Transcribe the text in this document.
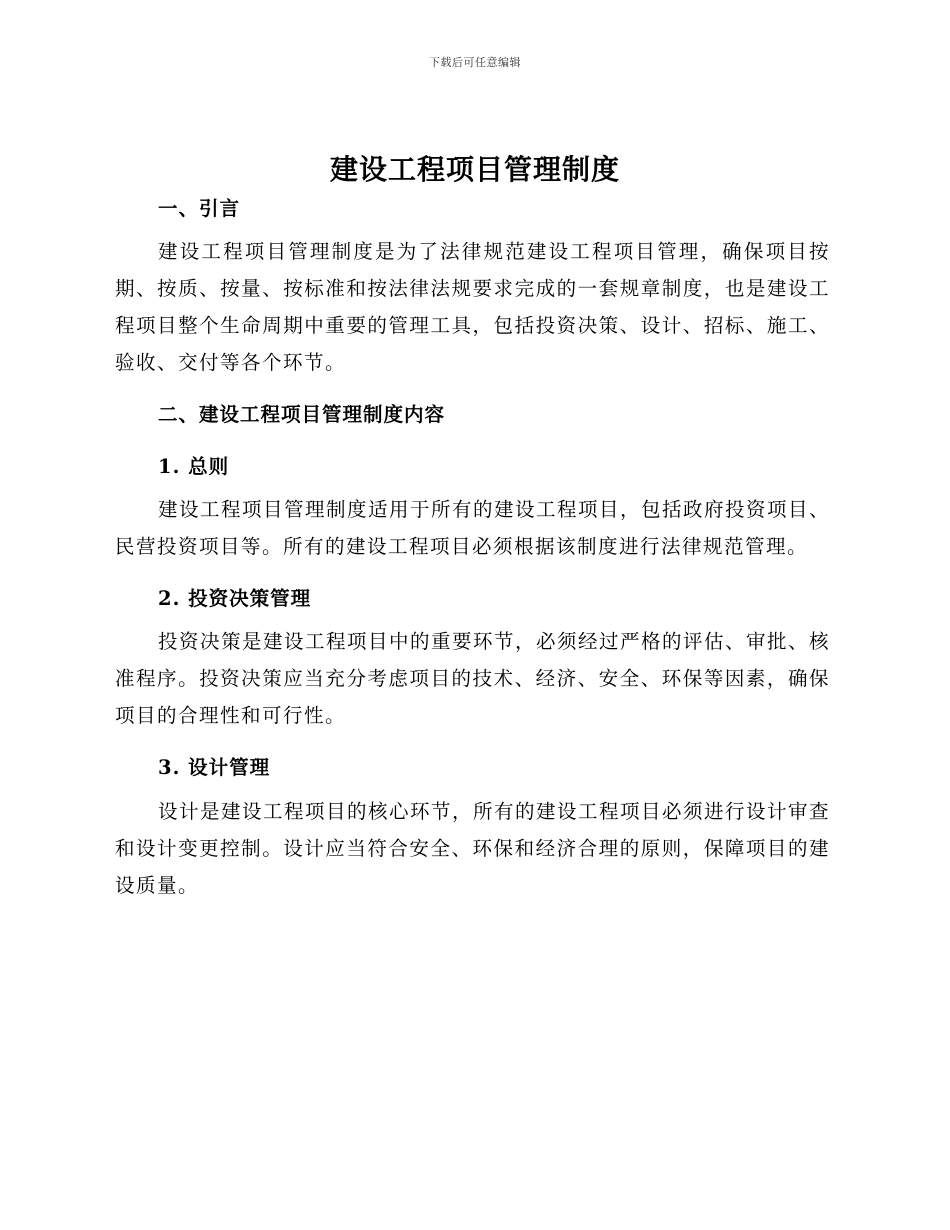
下载后可任意编辑
建设工程项目管理制度
一、引言

建设工程项目管理制度是为了法律规范建设工程项目管理，确保项目按期、按质、按量、按标准和按法律法规要求完成的一套规章制度，也是建设工程项目整个生命周期中重要的管理工具，包括投资决策、设计、招标、施工、验收、交付等各个环节。

二、建设工程项目管理制度内容
1. 总则

建设工程项目管理制度适用于所有的建设工程项目，包括政府投资项目、民营投资项目等。所有的建设工程项目必须根据该制度进行法律规范管理。

2. 投资决策管理

投资决策是建设工程项目中的重要环节，必须经过严格的评估、审批、核准程序。投资决策应当充分考虑项目的技术、经济、安全、环保等因素，确保项目的合理性和可行性。

3. 设计管理

设计是建设工程项目的核心环节，所有的建设工程项目必须进行设计审查和设计变更控制。设计应当符合安全、环保和经济合理的原则，保障项目的建设质量。
